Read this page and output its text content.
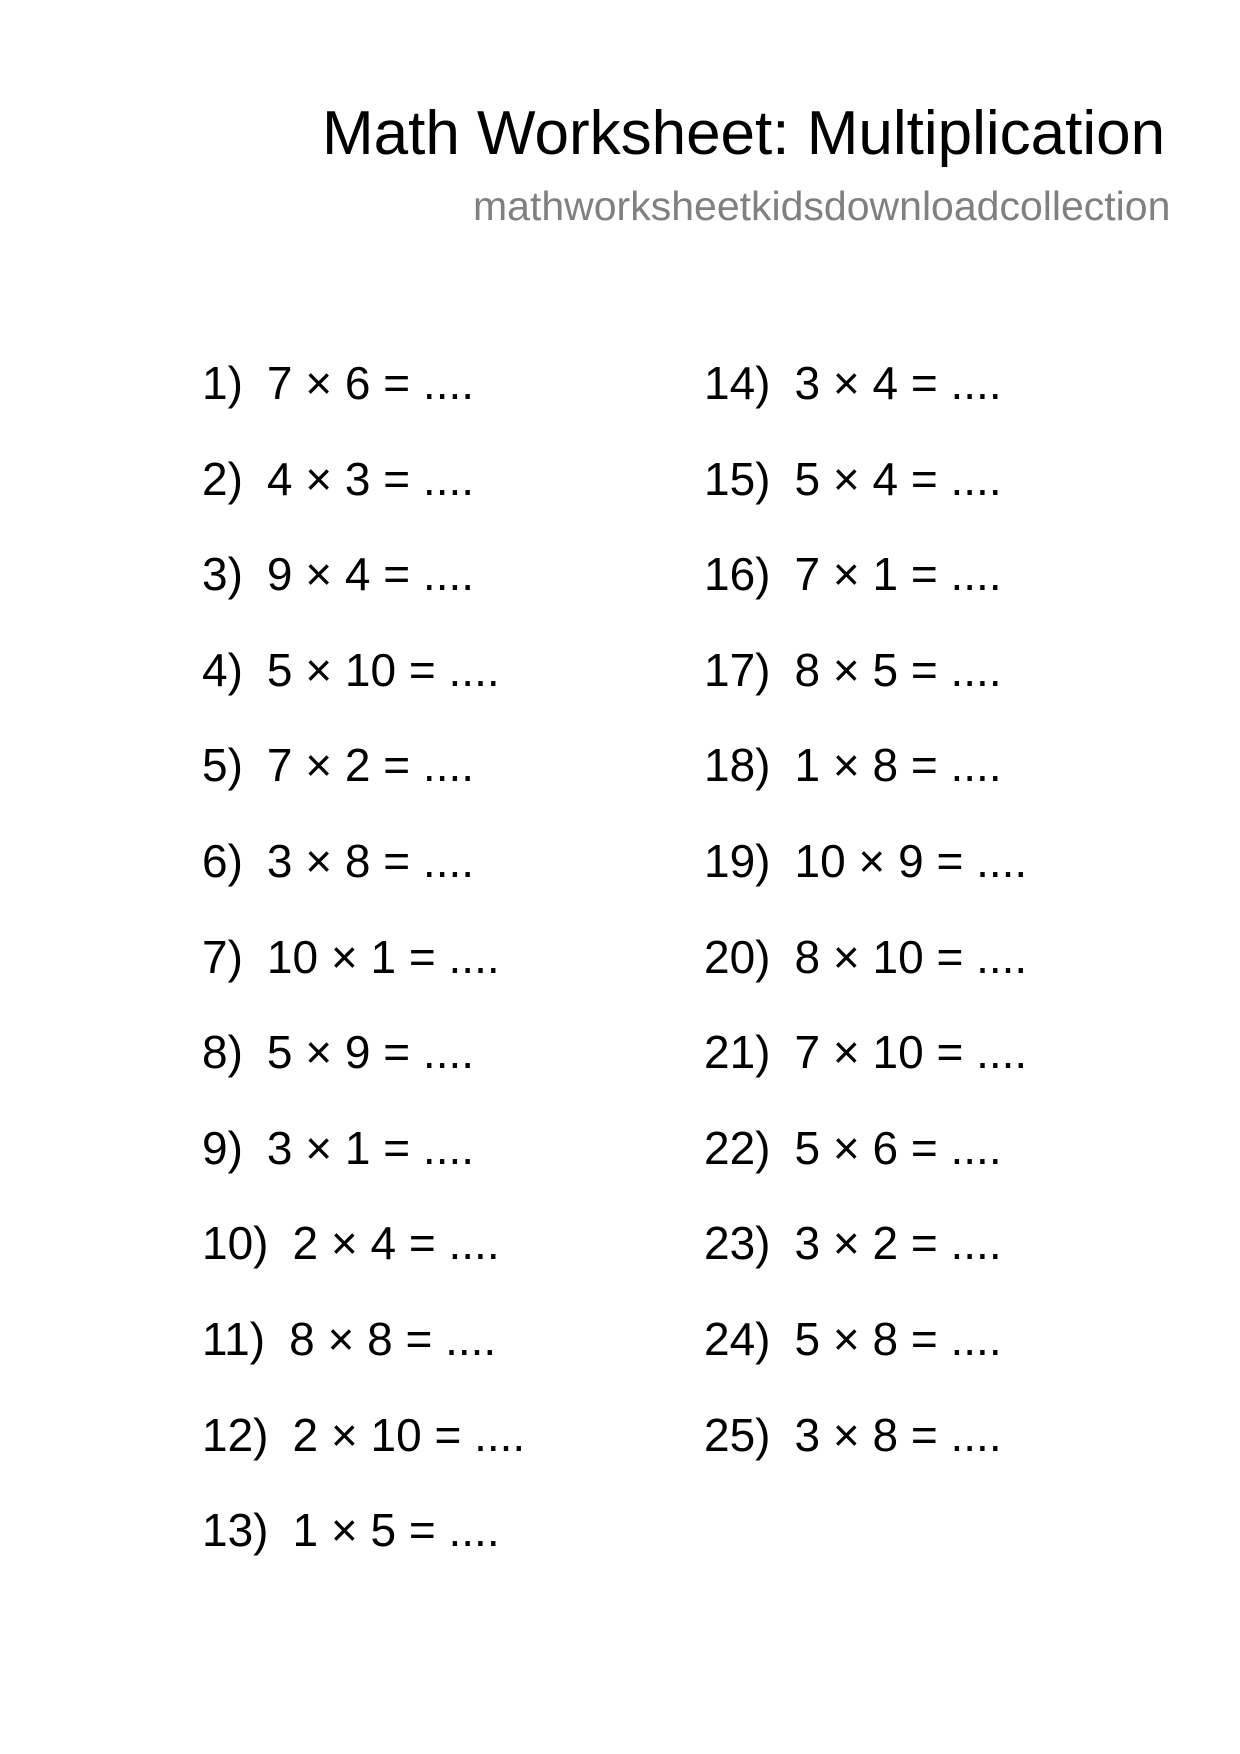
Math Worksheet: Multiplication
mathworksheetkidsdownloadcollection
1) 7 × 6 = ....
2) 4 × 3 = ....
3) 9 × 4 = ....
4) 5 × 10 = ....
5) 7 × 2 = ....
6) 3 × 8 = ....
7) 10 × 1 = ....
8) 5 × 9 = ....
9) 3 × 1 = ....
10) 2 × 4 = ....
11) 8 × 8 = ....
12) 2 × 10 = ....
13) 1 × 5 = ....
14) 3 × 4 = ....
15) 5 × 4 = ....
16) 7 × 1 = ....
17) 8 × 5 = ....
18) 1 × 8 = ....
19) 10 × 9 = ....
20) 8 × 10 = ....
21) 7 × 10 = ....
22) 5 × 6 = ....
23) 3 × 2 = ....
24) 5 × 8 = ....
25) 3 × 8 = ....
